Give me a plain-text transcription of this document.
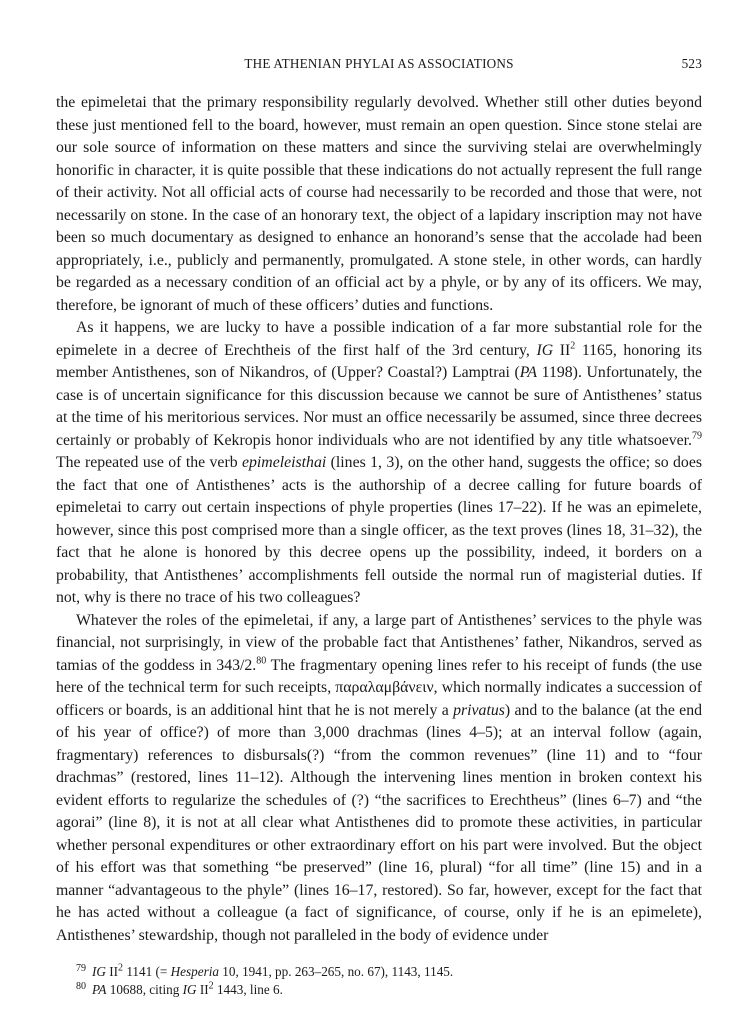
THE ATHENIAN PHYLAI AS ASSOCIATIONS	523

the epimeletai that the primary responsibility regularly devolved. Whether still other duties beyond these just mentioned fell to the board, however, must remain an open question. Since stone stelai are our sole source of information on these matters and since the surviving stelai are overwhelmingly honorific in character, it is quite possible that these indications do not actually represent the full range of their activity. Not all official acts of course had necessarily to be recorded and those that were, not necessarily on stone. In the case of an honorary text, the object of a lapidary inscription may not have been so much documentary as designed to enhance an honorand’s sense that the accolade had been appropriately, i.e., publicly and permanently, promulgated. A stone stele, in other words, can hardly be regarded as a necessary condition of an official act by a phyle, or by any of its officers. We may, therefore, be ignorant of much of these officers’ duties and functions.

As it happens, we are lucky to have a possible indication of a far more substantial role for the epimelete in a decree of Erechtheis of the first half of the 3rd century, IG $II^2$ 1165, honoring its member Antisthenes, son of Nikandros, of (Upper? Coastal?) Lamptrai (PA 1198). Unfortunately, the case is of uncertain significance for this discussion because we cannot be sure of Antisthenes’ status at the time of his meritorious services. Nor must an office necessarily be assumed, since three decrees certainly or probably of Kekropis honor individuals who are not identified by any title whatsoever.$^{79}$ The repeated use of the verb epimeleisthai (lines 1, 3), on the other hand, suggests the office; so does the fact that one of Antisthenes’ acts is the authorship of a decree calling for future boards of epimeletai to carry out certain inspections of phyle properties (lines 17–22). If he was an epimelete, however, since this post comprised more than a single officer, as the text proves (lines 18, 31–32), the fact that he alone is honored by this decree opens up the possibility, indeed, it borders on a probability, that Antisthenes’ accomplishments fell outside the normal run of magisterial duties. If not, why is there no trace of his two colleagues?

Whatever the roles of the epimeletai, if any, a large part of Antisthenes’ services to the phyle was financial, not surprisingly, in view of the probable fact that Antisthenes’ father, Nikandros, served as tamias of the goddess in 343/2.80 The fragmentary opening lines refer to his receipt of funds (the use here of the technical term for such receipts, παραλαμβάνειν, which normally indicates a succession of officers or boards, is an additional hint that he is not merely a privatus) and to the balance (at the end of his year of office?) of more than 3,000 drachmas (lines 4–5); at an interval follow (again, fragmentary) references to disbursals(?) “from the common revenues” (line 11) and to “four drachmas” (restored, lines 11–12). Although the intervening lines mention in broken context his evident efforts to regularize the schedules of (?) “the sacrifices to Erechtheus” (lines 6–7) and “the agorai” (line 8), it is not at all clear what Antisthenes did to promote these activities, in particular whether personal expenditures or other extraordinary effort on his part were involved. But the object of his effort was that something “be preserved” (line 16, plural) “for all time” (line 15) and in a manner “advantageous to the phyle” (lines 16–17, restored). So far, however, except for the fact that he has acted without a colleague (a fact of significance, of course, only if he is an epimelete), Antisthenes’ stewardship, though not paralleled in the body of evidence under

$^{79}$ IG $II^2$ 1141 (= Hesperia 10, 1941, pp. 263–265, no. 67), 1143, 1145.
$^{80}$ PA 10688, citing IG $II^2$ 1443, line 6.
